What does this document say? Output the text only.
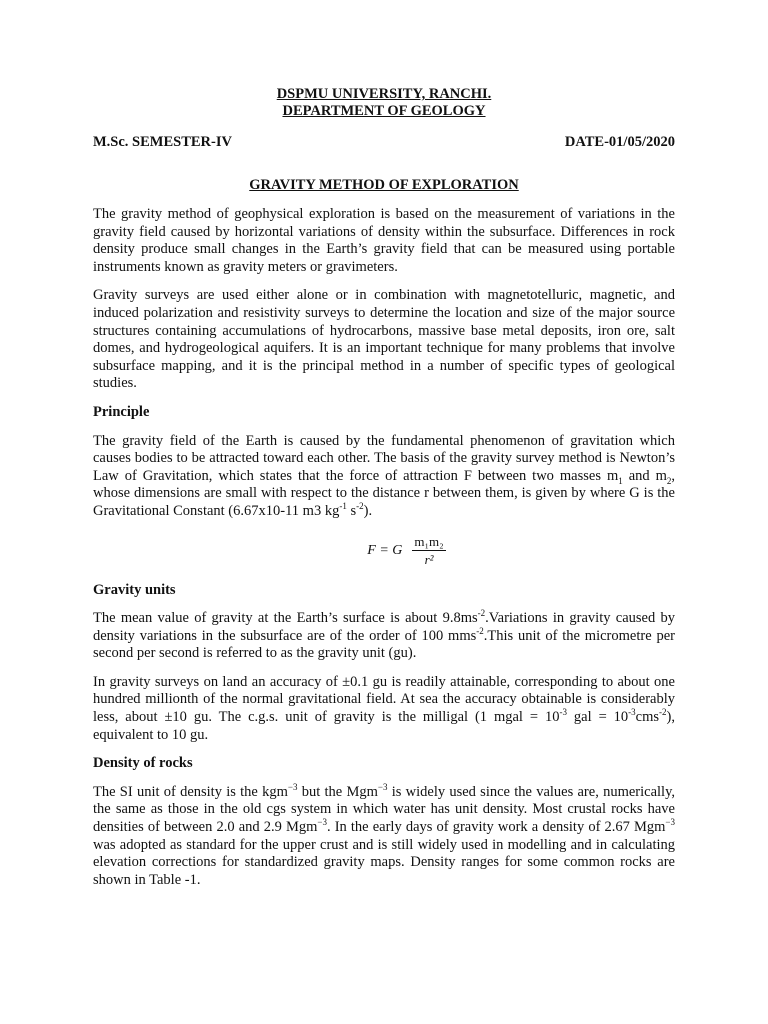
DSPMU UNIVERSITY, RANCHI.
DEPARTMENT OF GEOLOGY
M.Sc. SEMESTER-IV	DATE-01/05/2020
GRAVITY METHOD OF EXPLORATION

The gravity method of geophysical exploration is based on the measurement of variations in the gravity field caused by horizontal variations of density within the subsurface. Differences in rock density produce small changes in the Earth’s gravity field that can be measured using portable instruments known as gravity meters or gravimeters.

Gravity surveys are used either alone or in combination with magnetotelluric, magnetic, and induced polarization and resistivity surveys to determine the location and size of the major source structures containing accumulations of hydrocarbons, massive base metal deposits, iron ore, salt domes, and hydrogeological aquifers. It is an important technique for many problems that involve subsurface mapping, and it is the principal method in a number of specific types of geological studies.

Principle

The gravity field of the Earth is caused by the fundamental phenomenon of gravitation which causes bodies to be attracted toward each other. The basis of the gravity survey method is Newton’s Law of Gravitation, which states that the force of attraction F between two masses $m_1$ and $m_2$, whose dimensions are small with respect to the distance r between them, is given by where G is the Gravitational Constant (6.67x10-11 m3 $kg^{-1}$ $s^{-2}$).

F = G $\frac{\text{m₁m₂}}{\text{r²}}$
Gravity units

The mean value of gravity at the Earth’s surface is about $9.8ms^{-2}.Variations$ in gravity caused by density variations in the subsurface are of the order of 100 mms$^{-2}$.This unit of the micrometre per second per second is referred to as the gravity unit (gu).

In gravity surveys on land an accuracy of ±0.1 gu is readily attainable, corresponding to about one hundred millionth of the normal gravitational field. At sea the accuracy obtainable is considerably less, about ±10 gu. The c.g.s. unit of gravity is the milligal (1 mgal = $10^{-3}$ gal = $10^{-3}cms^{-2}$), equivalent to 10 gu.

Density of rocks

The SI unit of density is the kgm$^{-3}$ but the Mgm$^{-3}$ is widely used since the values are, numerically, the same as those in the old cgs system in which water has unit density. Most crustal rocks have densities of between 2.0 and 2.9 Mgm$^{-3}$. In the early days of gravity work a density of 2.67 Mgm$^{-3}$ was adopted as standard for the upper crust and is still widely used in modelling and in calculating elevation corrections for standardized gravity maps. Density ranges for some common rocks are shown in Table -1.
